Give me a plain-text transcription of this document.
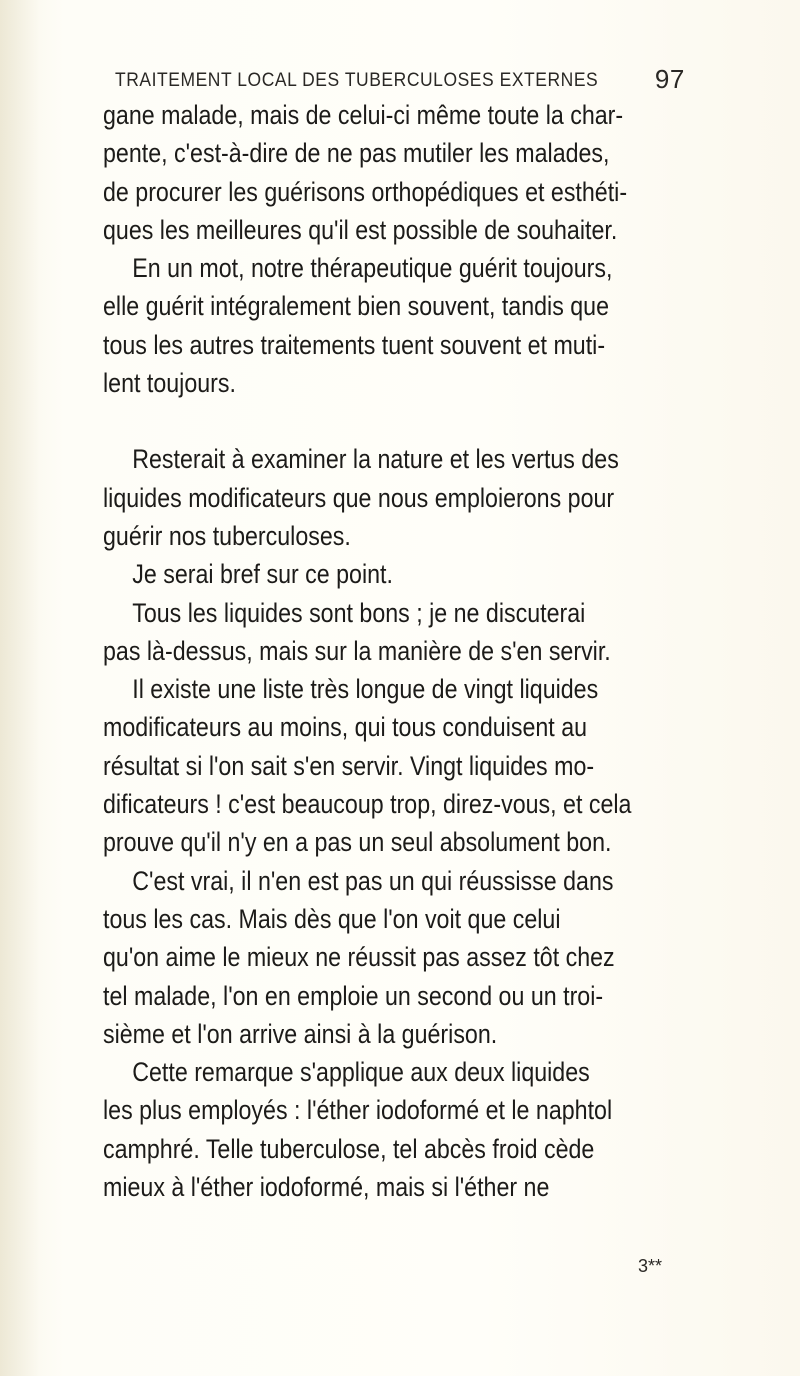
TRAITEMENT LOCAL DES TUBERCULOSES EXTERNES 97
gane malade, mais de celui-ci même toute la char-
pente, c'est-à-dire de ne pas mutiler les malades,
de procurer les guérisons orthopédiques et esthéti-
ques les meilleures qu'il est possible de souhaiter.
En un mot, notre thérapeutique guérit toujours,
elle guérit intégralement bien souvent, tandis que
tous les autres traitements tuent souvent et muti-
lent toujours.
Resterait à examiner la nature et les vertus des
liquides modificateurs que nous emploierons pour
guérir nos tuberculoses.
Je serai bref sur ce point.
Tous les liquides sont bons ; je ne discuterai
pas là-dessus, mais sur la manière de s'en servir.
Il existe une liste très longue de vingt liquides
modificateurs au moins, qui tous conduisent au
résultat si l'on sait s'en servir. Vingt liquides mo-
dificateurs ! c'est beaucoup trop, direz-vous, et cela
prouve qu'il n'y en a pas un seul absolument bon.
C'est vrai, il n'en est pas un qui réussisse dans
tous les cas. Mais dès que l'on voit que celui
qu'on aime le mieux ne réussit pas assez tôt chez
tel malade, l'on en emploie un second ou un troi-
sième et l'on arrive ainsi à la guérison.
Cette remarque s'applique aux deux liquides
les plus employés : l'éther iodoformé et le naphtol
camphré. Telle tuberculose, tel abcès froid cède
mieux à l'éther iodoformé, mais si l'éther ne
3**
